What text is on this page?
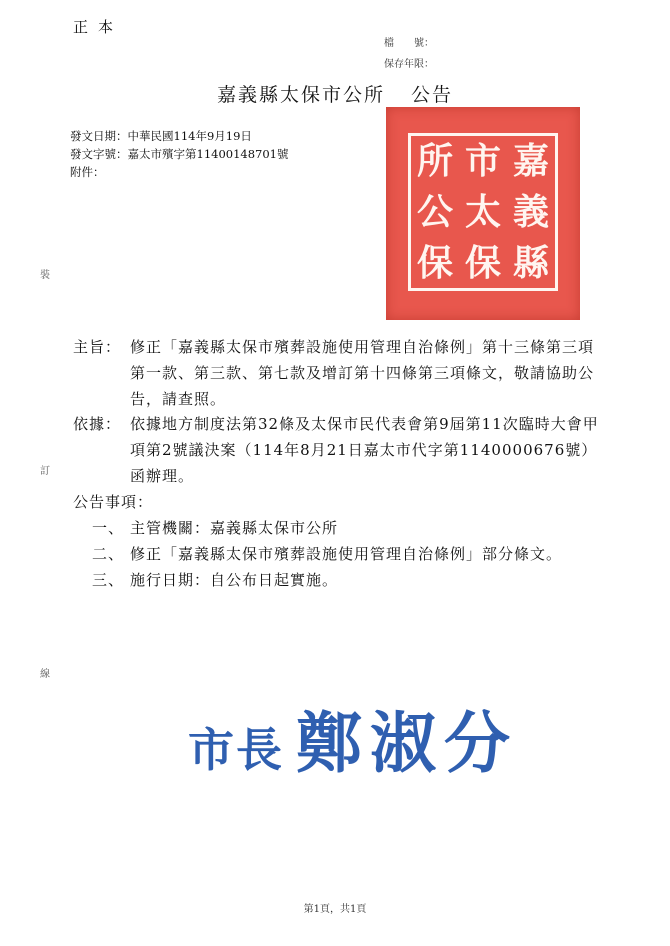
正本
檔　　號：
保存年限：
嘉義縣太保市公所 公告
發文日期：中華民國114年9月19日
發文字號：嘉太市殯字第11400148701號
附件：
裝
訂
線
所 市 嘉
公 太 義
保 保 縣
主旨： 修正「嘉義縣太保市殯葬設施使用管理自治條例」第十三條第三項第一款、第三款、第七款及增訂第十四條第三項條文，敬請協助公告，請查照。
依據： 依據地方制度法第32條及太保市民代表會第9屆第11次臨時大會甲項第2號議決案（114年8月21日嘉太市代字第1140000676號）函辦理。
公告事項：
一、 主管機關：嘉義縣太保市公所
二、 修正「嘉義縣太保市殯葬設施使用管理自治條例」部分條文。
三、 施行日期：自公布日起實施。
市長 鄭淑分
第1頁，共1頁
